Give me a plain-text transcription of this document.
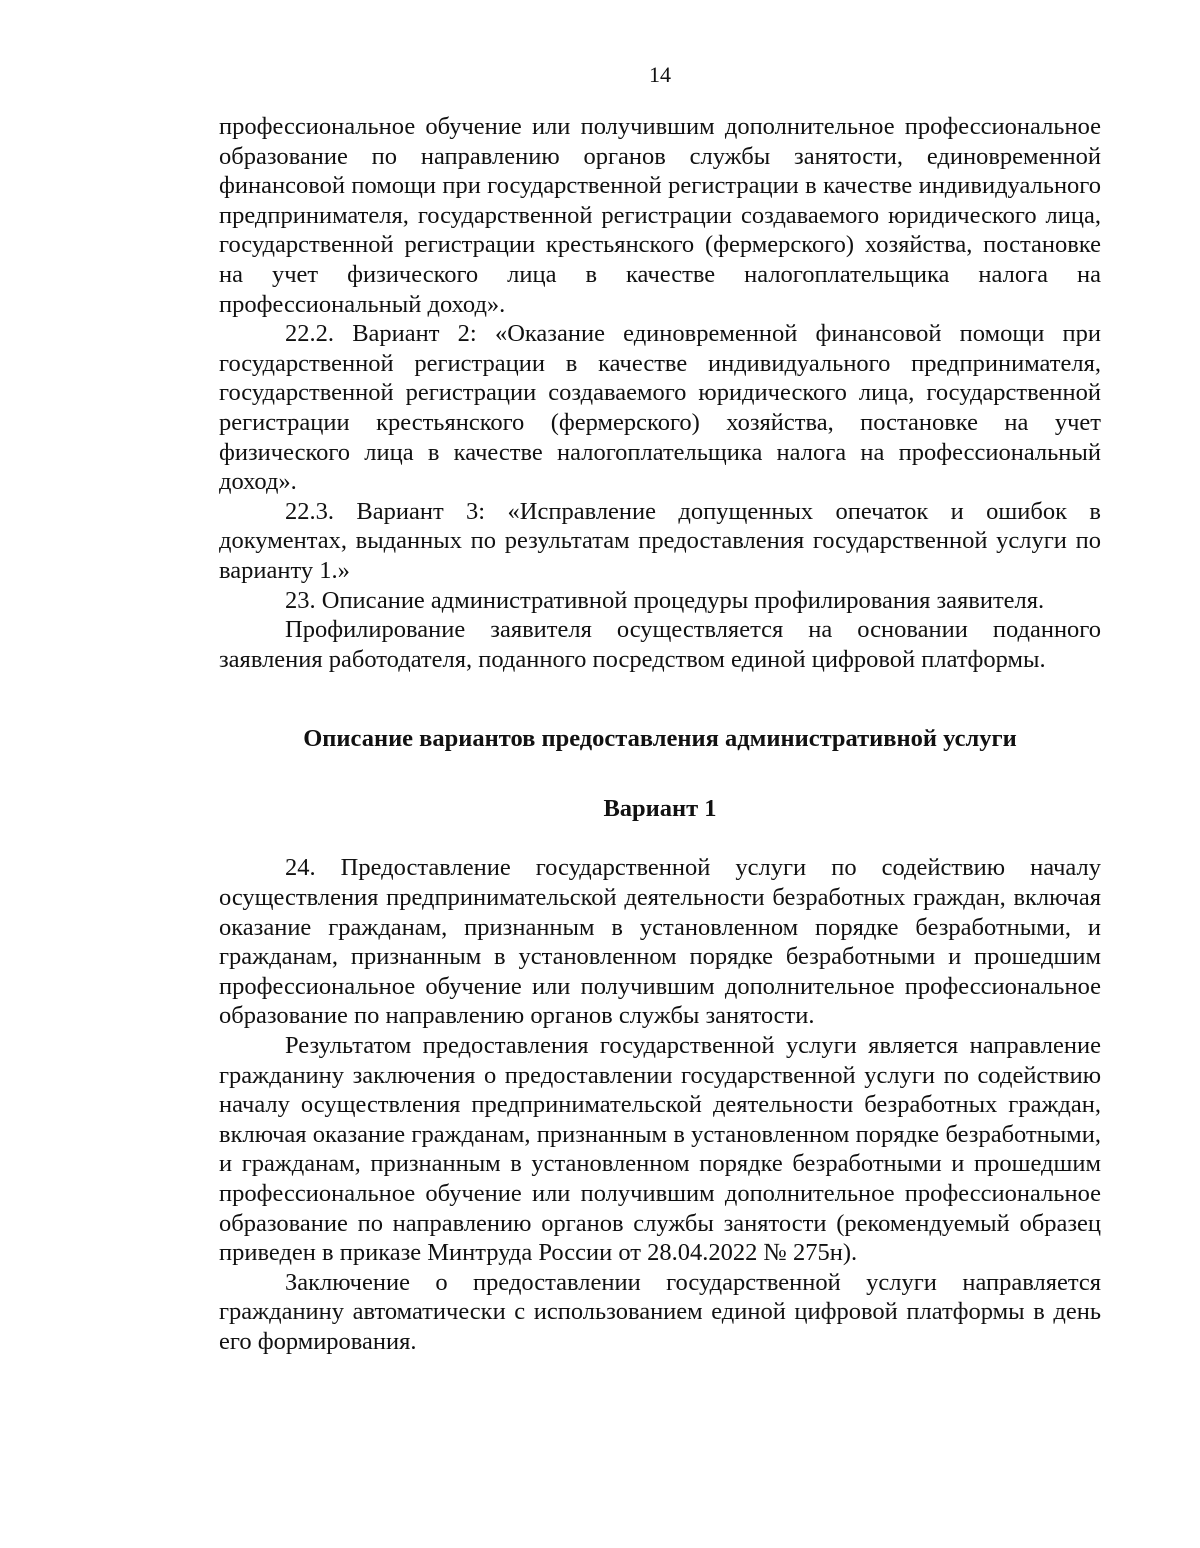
14

профессиональное обучение или получившим дополнительное профессиональное образование по направлению органов службы занятости, единовременной финансовой помощи при государственной регистрации в качестве индивидуального предпринимателя, государственной регистрации создаваемого юридического лица, государственной регистрации крестьянского (фермерского) хозяйства, постановке на учет физического лица в качестве налогоплательщика налога на профессиональный доход».

22.2. Вариант 2: «Оказание единовременной финансовой помощи при государственной регистрации в качестве индивидуального предпринимателя, государственной регистрации создаваемого юридического лица, государственной регистрации крестьянского (фермерского) хозяйства, постановке на учет физического лица в качестве налогоплательщика налога на профессиональный доход».

22.3. Вариант 3: «Исправление допущенных опечаток и ошибок в документах, выданных по результатам предоставления государственной услуги по варианту 1.»

23. Описание административной процедуры профилирования заявителя.

Профилирование заявителя осуществляется на основании поданного заявления работодателя, поданного посредством единой цифровой платформы.

Описание вариантов предоставления административной услуги
Вариант 1

24. Предоставление государственной услуги по содействию началу осуществления предпринимательской деятельности безработных граждан, включая оказание гражданам, признанным в установленном порядке безработными, и гражданам, признанным в установленном порядке безработными и прошедшим профессиональное обучение или получившим дополнительное профессиональное образование по направлению органов службы занятости.

Результатом предоставления государственной услуги является направление гражданину заключения о предоставлении государственной услуги по содействию началу осуществления предпринимательской деятельности безработных граждан, включая оказание гражданам, признанным в установленном порядке безработными, и гражданам, признанным в установленном порядке безработными и прошедшим профессиональное обучение или получившим дополнительное профессиональное образование по направлению органов службы занятости (рекомендуемый образец приведен в приказе Минтруда России от 28.04.2022 № 275н).

Заключение о предоставлении государственной услуги направляется гражданину автоматически с использованием единой цифровой платформы в день его формирования.
